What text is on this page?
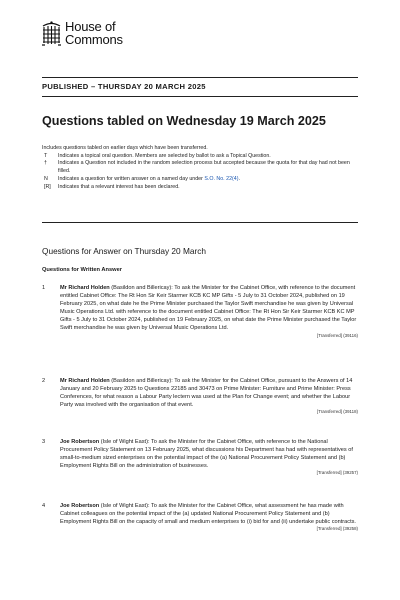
House of
Commons
PUBLISHED – THURSDAY 20 MARCH 2025
Questions tabled on Wednesday 19 March 2025
Includes questions tabled on earlier days which have been transferred.
T	Indicates a topical oral question. Members are selected by ballot to ask a Topical Question.
†	Indicates a Question not included in the random selection process but accepted because the quota for that day had not been filled.
N	Indicates a question for written answer on a named day under S.O. No. 22(4).
[R]	Indicates that a relevant interest has been declared.
Questions for Answer on Thursday 20 March
Questions for Written Answer
1	Mr Richard Holden (Basildon and Billericay): To ask the Minister for the Cabinet Office, with reference to the document entitled Cabinet Office: The Rt Hon Sir Keir Starmer KCB KC MP Gifts - 5 July to 31 October 2024, published on 19 February 2025, on what date he the Prime Minister purchased the Taylor Swift merchandise he was given by Universal Music Operations Ltd. with reference to the document entitled Cabinet Office: The Rt Hon Sir Keir Starmer KCB KC MP Gifts - 5 July to 31 October 2024, published on 19 February 2025, on what date the Prime Minister purchased the Taylor Swift merchandise he was given by Universal Music Operations Ltd.
[Transferred] (39116)
2	Mr Richard Holden (Basildon and Billericay): To ask the Minister for the Cabinet Office, pursuant to the Answers of 14 January and 20 February 2025 to Questions 22185 and 30473 on Prime Minister: Furniture and Prime Minister: Press Conferences, for what reason a Labour Party lectern was used at the Plan for Change event; and whether the Labour Party was involved with the organisation of that event.
[Transferred] (39118)
3	Joe Robertson (Isle of Wight East): To ask the Minister for the Cabinet Office, with reference to the National Procurement Policy Statement on 13 February 2025, what discussions his Department has had with representatives of small-to-medium sized enterprises on the potential impact of the (a) National Procurement Policy Statement and (b) Employment Rights Bill on the administration of businesses.
[Transferred] (39257)
4	Joe Robertson (Isle of Wight East): To ask the Minister for the Cabinet Office, what assessment he has made with Cabinet colleagues on the potential impact of the (a) updated National Procurement Policy Statement and (b) Employment Rights Bill on the capacity of small and medium enterprises to (i) bid for and (ii) undertake public contracts.
[Transferred] (39258)
